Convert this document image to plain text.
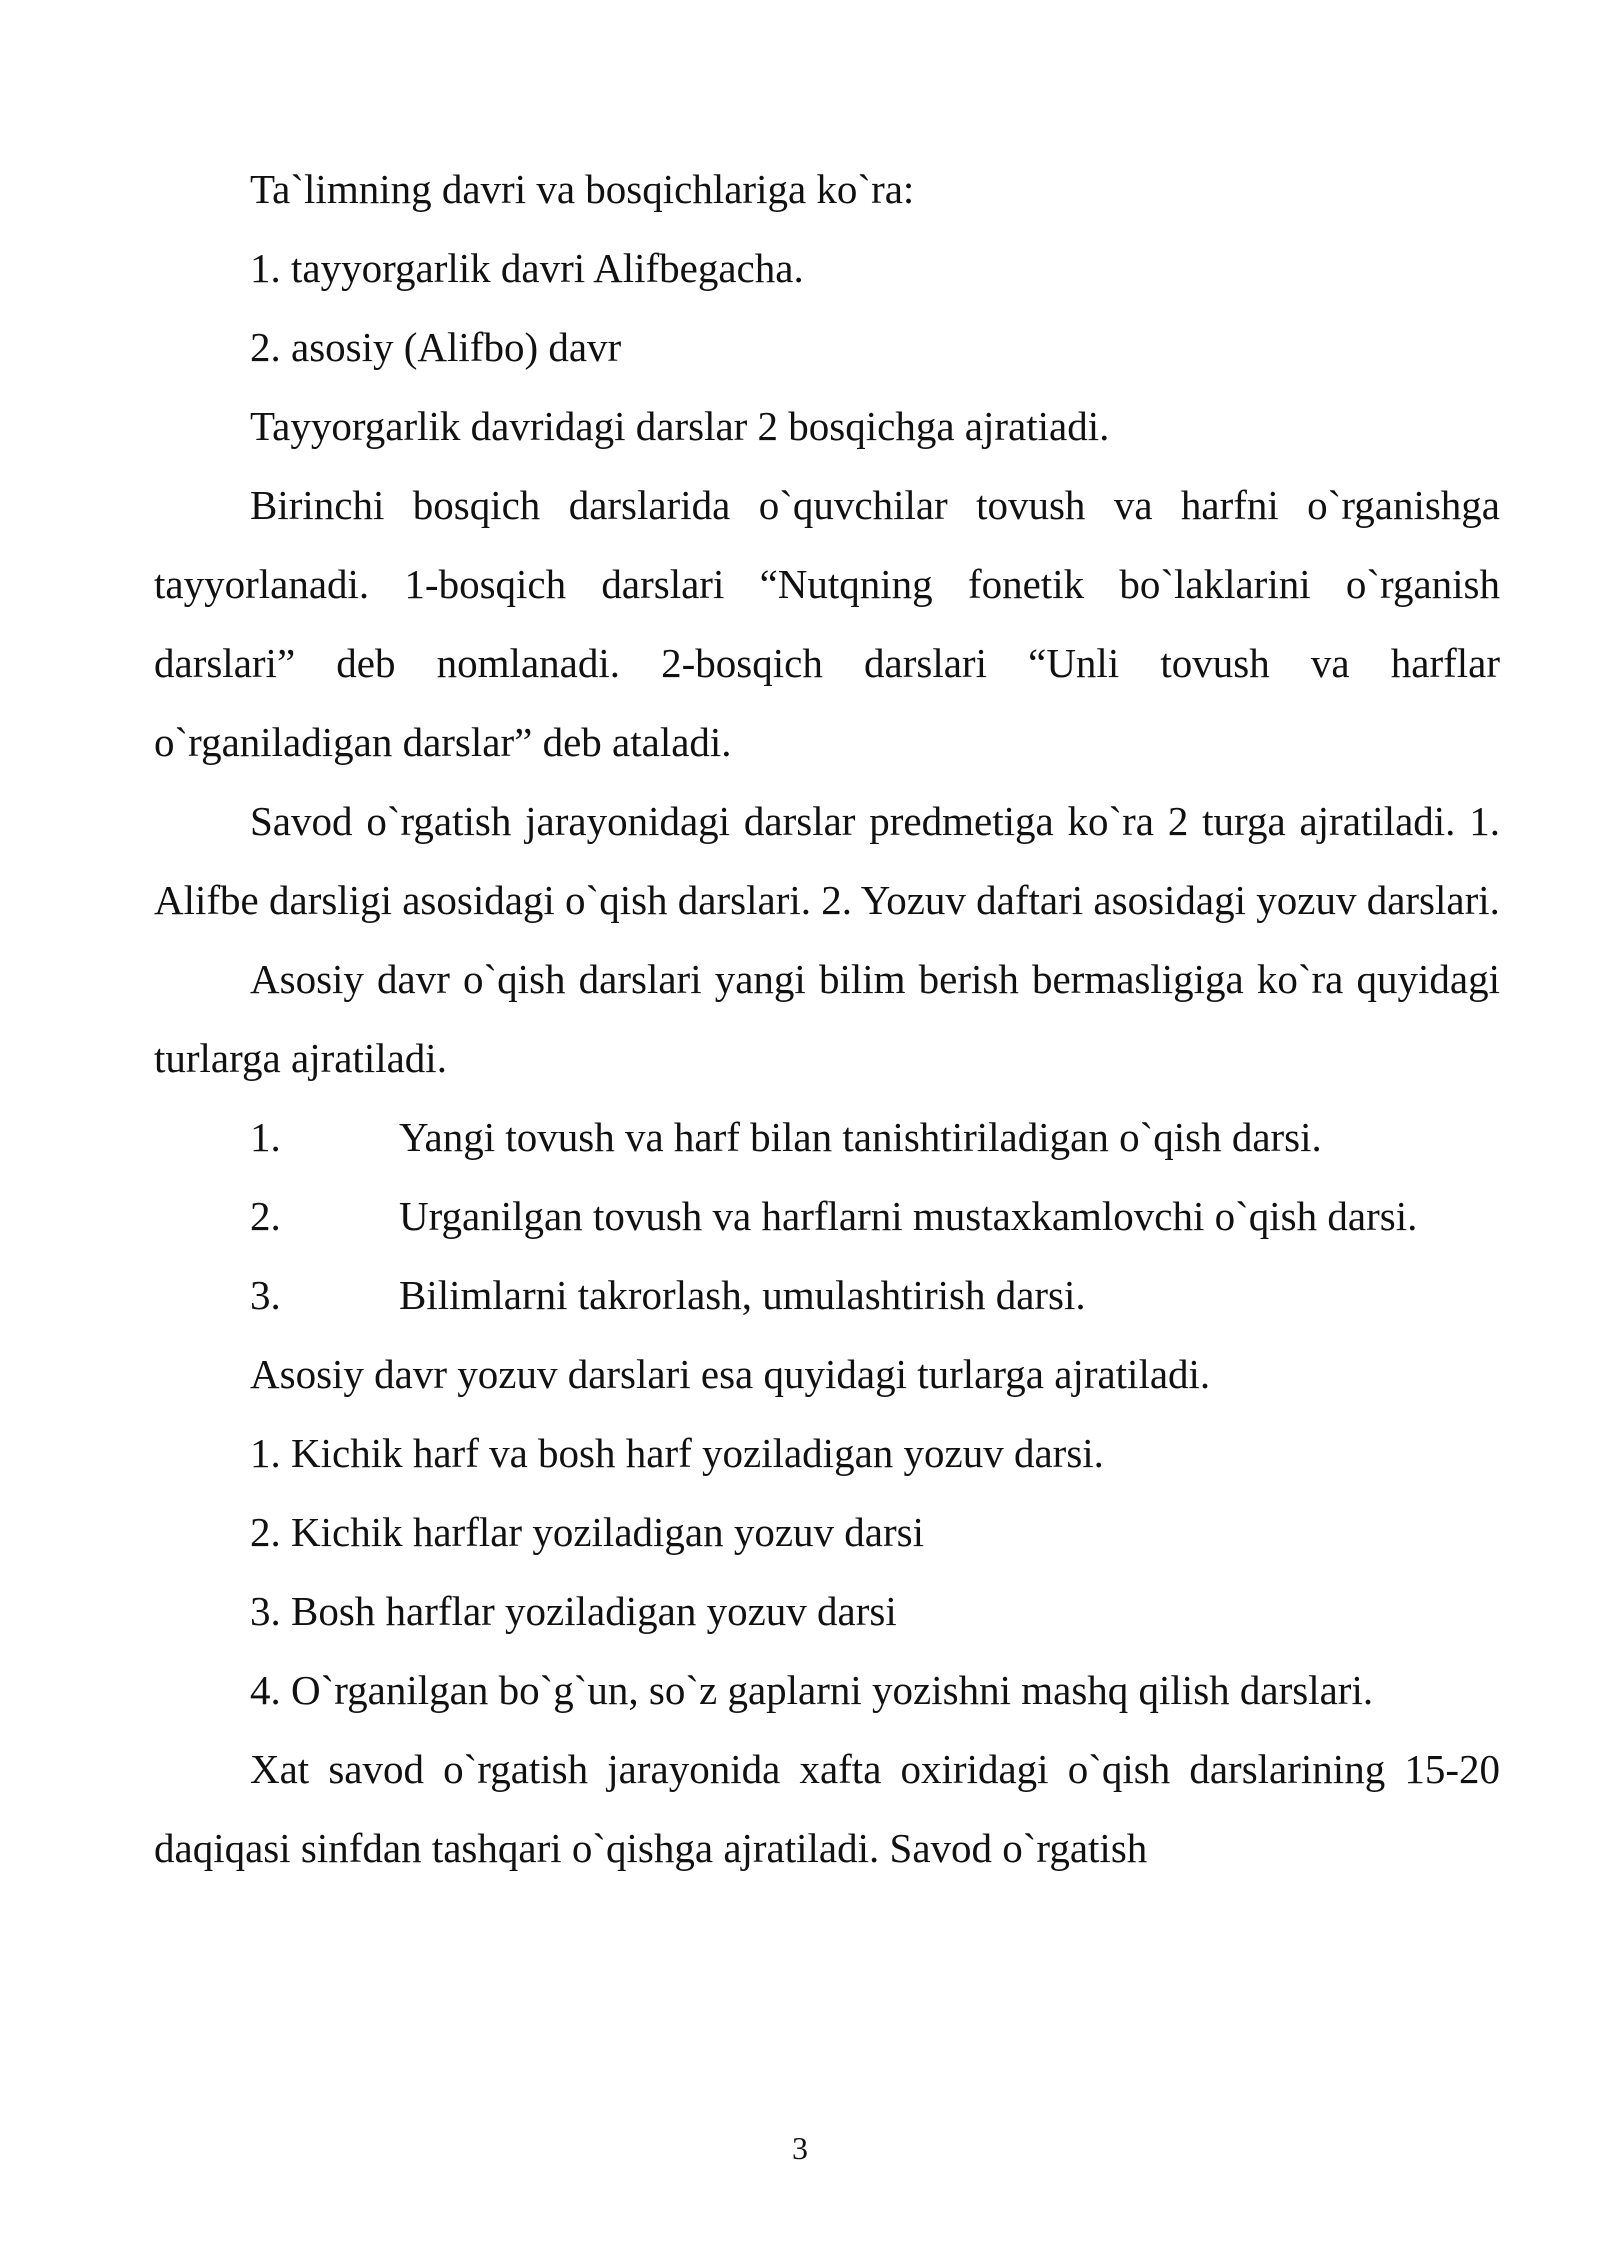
Ta`limning davri va bosqichlariga ko`ra:

1. tayyorgarlik davri Alifbegacha.

2. asosiy (Alifbo) davr

Tayyorgarlik davridagi darslar 2 bosqichga ajratiadi.

Birinchi bosqich darslarida o`quvchilar tovush va harfni o`rganishga tayyorlanadi. 1-bosqich darslari “Nutqning fonetik bo`laklarini o`rganish darslari” deb nomlanadi. 2-bosqich darslari “Unli tovush va harflar o`rganiladigan darslar” deb ataladi.

Savod o`rgatish jarayonidagi darslar predmetiga ko`ra 2 turga ajratiladi. 1. Alifbe darsligi asosidagi o`qish darslari. 2. Yozuv daftari asosidagi yozuv darslari.

Asosiy davr o`qish darslari yangi bilim berish bermasligiga ko`ra quyidagi turlarga ajratiladi.

1.	Yangi tovush va harf bilan tanishtiriladigan o`qish darsi.
2.	Urganilgan tovush va harflarni mustaxkamlovchi o`qish darsi.
3.	Bilimlarni takrorlash, umulashtirish darsi.

Asosiy davr yozuv darslari esa quyidagi turlarga ajratiladi.

1. Kichik harf va bosh harf yoziladigan yozuv darsi.

2. Kichik harflar yoziladigan yozuv darsi

3. Bosh harflar yoziladigan yozuv darsi

4. O`rganilgan bo`g`un, so`z gaplarni yozishni mashq qilish darslari.

Xat savod o`rgatish jarayonida xafta oxiridagi o`qish darslarining 15-20 daqiqasi sinfdan tashqari o`qishga ajratiladi. Savod o`rgatish

3
